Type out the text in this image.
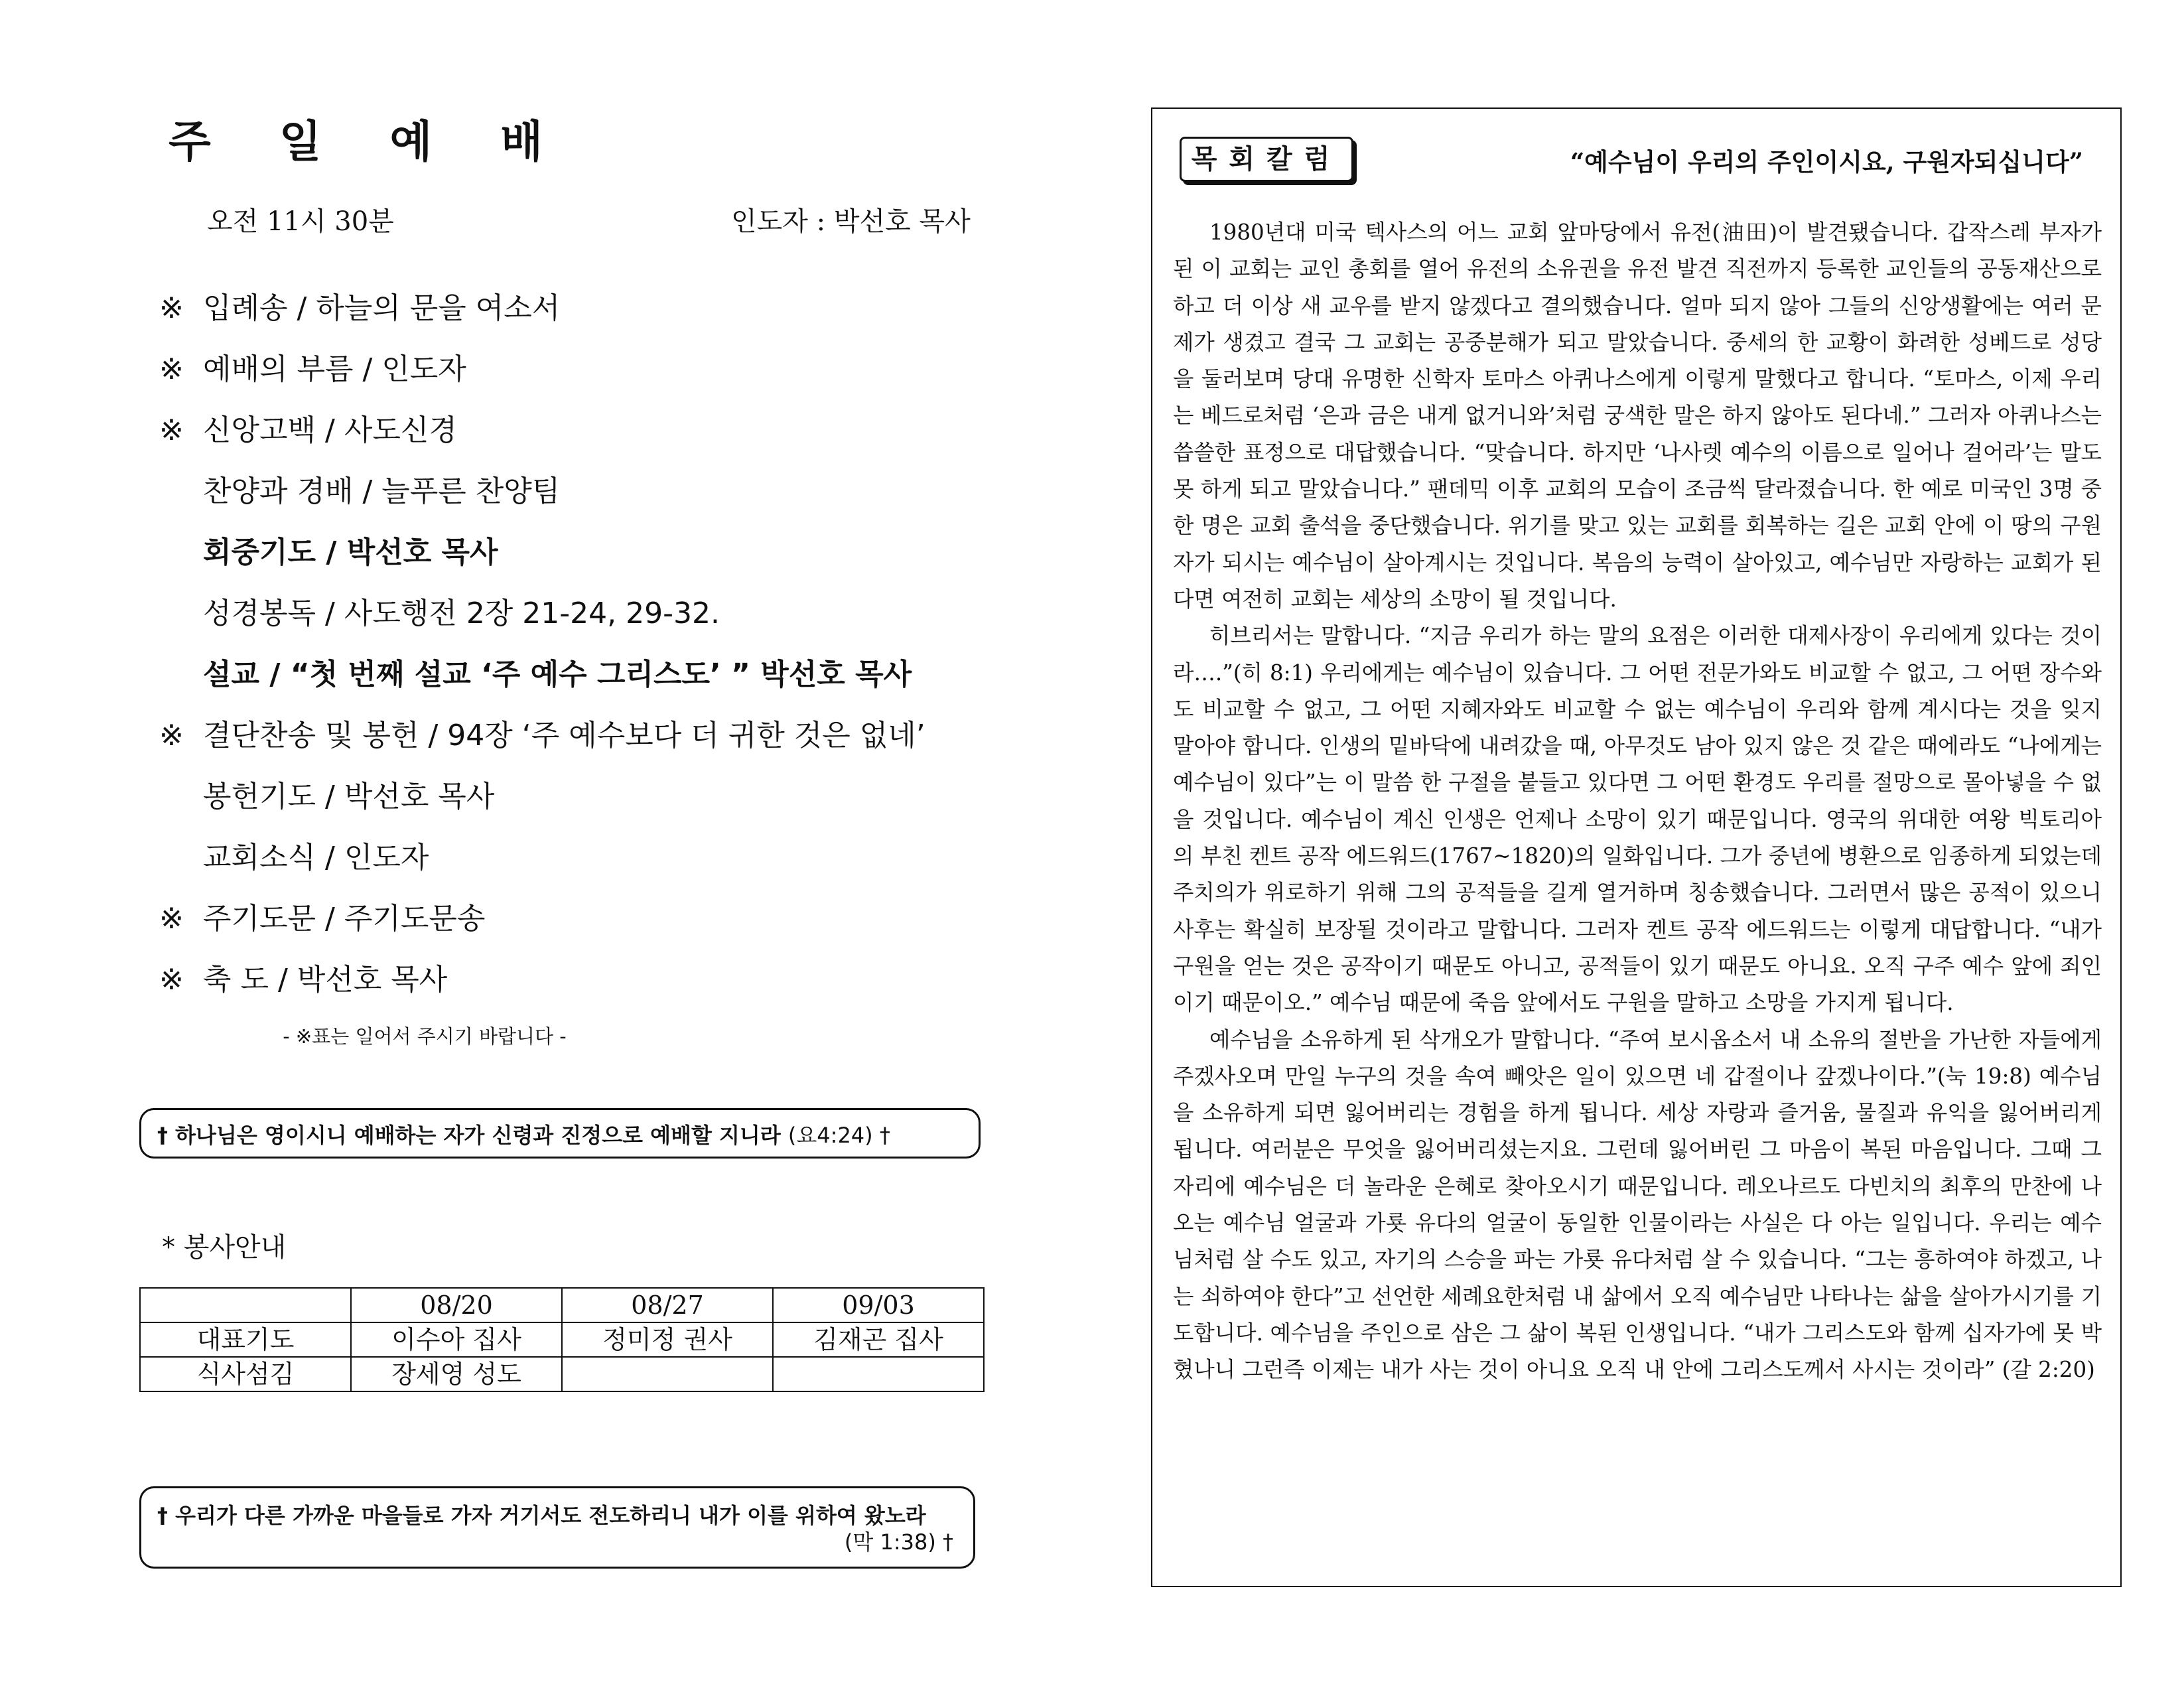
주 일 예 배
오전 11시 30분	인도자 : 박선호 목사
※ 입례송 / 하늘의 문을 여소서
※ 예배의 부름 / 인도자
※ 신앙고백 / 사도신경
찬양과 경배 / 늘푸른 찬양팀
회중기도 / 박선호 목사
성경봉독 / 사도행전 2장 21-24, 29-32.
설교 / “첫 번째 설교 ‘주 예수 그리스도’ ” 박선호 목사
※ 결단찬송 및 봉헌 / 94장 ‘주 예수보다 더 귀한 것은 없네’
봉헌기도 / 박선호 목사
교회소식 / 인도자
※ 주기도문 / 주기도문송
※ 축 도 / 박선호 목사
- ※표는 일어서 주시기 바랍니다 -
† 하나님은 영이시니 예배하는 자가 신령과 진정으로 예배할 지니라 (요4:24) †
* 봉사안내
	08/20	08/27	09/03
대표기도	이수아 집사	정미정 권사	김재곤 집사
식사섬김	장세영 성도		
† 우리가 다른 가까운 마을들로 가자 거기서도 전도하리니 내가 이를 위하여 왔노라
(막 1:38) †
목회칼럼	“예수님이 우리의 주인이시요, 구원자되십니다”

1980년대 미국 텍사스의 어느 교회 앞마당에서 유전(油田)이 발견됐습니다. 갑작스레 부자가 된 이 교회는 교인 총회를 열어 유전의 소유권을 유전 발견 직전까지 등록한 교인들의 공동재산으로 하고 더 이상 새 교우를 받지 않겠다고 결의했습니다. 얼마 되지 않아 그들의 신앙생활에는 여러 문제가 생겼고 결국 그 교회는 공중분해가 되고 말았습니다. 중세의 한 교황이 화려한 성베드로 성당을 둘러보며 당대 유명한 신학자 토마스 아퀴나스에게 이렇게 말했다고 합니다. “토마스, 이제 우리는 베드로처럼 ‘은과 금은 내게 없거니와’처럼 궁색한 말은 하지 않아도 된다네.” 그러자 아퀴나스는 씁쓸한 표정으로 대답했습니다. “맞습니다. 하지만 ‘나사렛 예수의 이름으로 일어나 걸어라’는 말도 못 하게 되고 말았습니다.” 팬데믹 이후 교회의 모습이 조금씩 달라졌습니다. 한 예로 미국인 3명 중 한 명은 교회 출석을 중단했습니다. 위기를 맞고 있는 교회를 회복하는 길은 교회 안에 이 땅의 구원자가 되시는 예수님이 살아계시는 것입니다. 복음의 능력이 살아있고, 예수님만 자랑하는 교회가 된다면 여전히 교회는 세상의 소망이 될 것입니다.

히브리서는 말합니다. “지금 우리가 하는 말의 요점은 이러한 대제사장이 우리에게 있다는 것이라….”(히 8:1) 우리에게는 예수님이 있습니다. 그 어떤 전문가와도 비교할 수 없고, 그 어떤 장수와도 비교할 수 없고, 그 어떤 지혜자와도 비교할 수 없는 예수님이 우리와 함께 계시다는 것을 잊지 말아야 합니다. 인생의 밑바닥에 내려갔을 때, 아무것도 남아 있지 않은 것 같은 때에라도 “나에게는 예수님이 있다”는 이 말씀 한 구절을 붙들고 있다면 그 어떤 환경도 우리를 절망으로 몰아넣을 수 없을 것입니다. 예수님이 계신 인생은 언제나 소망이 있기 때문입니다. 영국의 위대한 여왕 빅토리아의 부친 켄트 공작 에드워드(1767~1820)의 일화입니다. 그가 중년에 병환으로 임종하게 되었는데 주치의가 위로하기 위해 그의 공적들을 길게 열거하며 칭송했습니다. 그러면서 많은 공적이 있으니 사후는 확실히 보장될 것이라고 말합니다. 그러자 켄트 공작 에드워드는 이렇게 대답합니다. “내가 구원을 얻는 것은 공작이기 때문도 아니고, 공적들이 있기 때문도 아니요. 오직 구주 예수 앞에 죄인이기 때문이오.” 예수님 때문에 죽음 앞에서도 구원을 말하고 소망을 가지게 됩니다.

예수님을 소유하게 된 삭개오가 말합니다. “주여 보시옵소서 내 소유의 절반을 가난한 자들에게 주겠사오며 만일 누구의 것을 속여 빼앗은 일이 있으면 네 갑절이나 갚겠나이다.”(눅 19:8) 예수님을 소유하게 되면 잃어버리는 경험을 하게 됩니다. 세상 자랑과 즐거움, 물질과 유익을 잃어버리게 됩니다. 여러분은 무엇을 잃어버리셨는지요. 그런데 잃어버린 그 마음이 복된 마음입니다. 그때 그 자리에 예수님은 더 놀라운 은혜로 찾아오시기 때문입니다. 레오나르도 다빈치의 최후의 만찬에 나오는 예수님 얼굴과 가룟 유다의 얼굴이 동일한 인물이라는 사실은 다 아는 일입니다. 우리는 예수님처럼 살 수도 있고, 자기의 스승을 파는 가룟 유다처럼 살 수 있습니다. “그는 흥하여야 하겠고, 나는 쇠하여야 한다”고 선언한 세례요한처럼 내 삶에서 오직 예수님만 나타나는 삶을 살아가시기를 기도합니다. 예수님을 주인으로 삼은 그 삶이 복된 인생입니다. “내가 그리스도와 함께 십자가에 못 박혔나니 그런즉 이제는 내가 사는 것이 아니요 오직 내 안에 그리스도께서 사시는 것이라” (갈 2:20)
